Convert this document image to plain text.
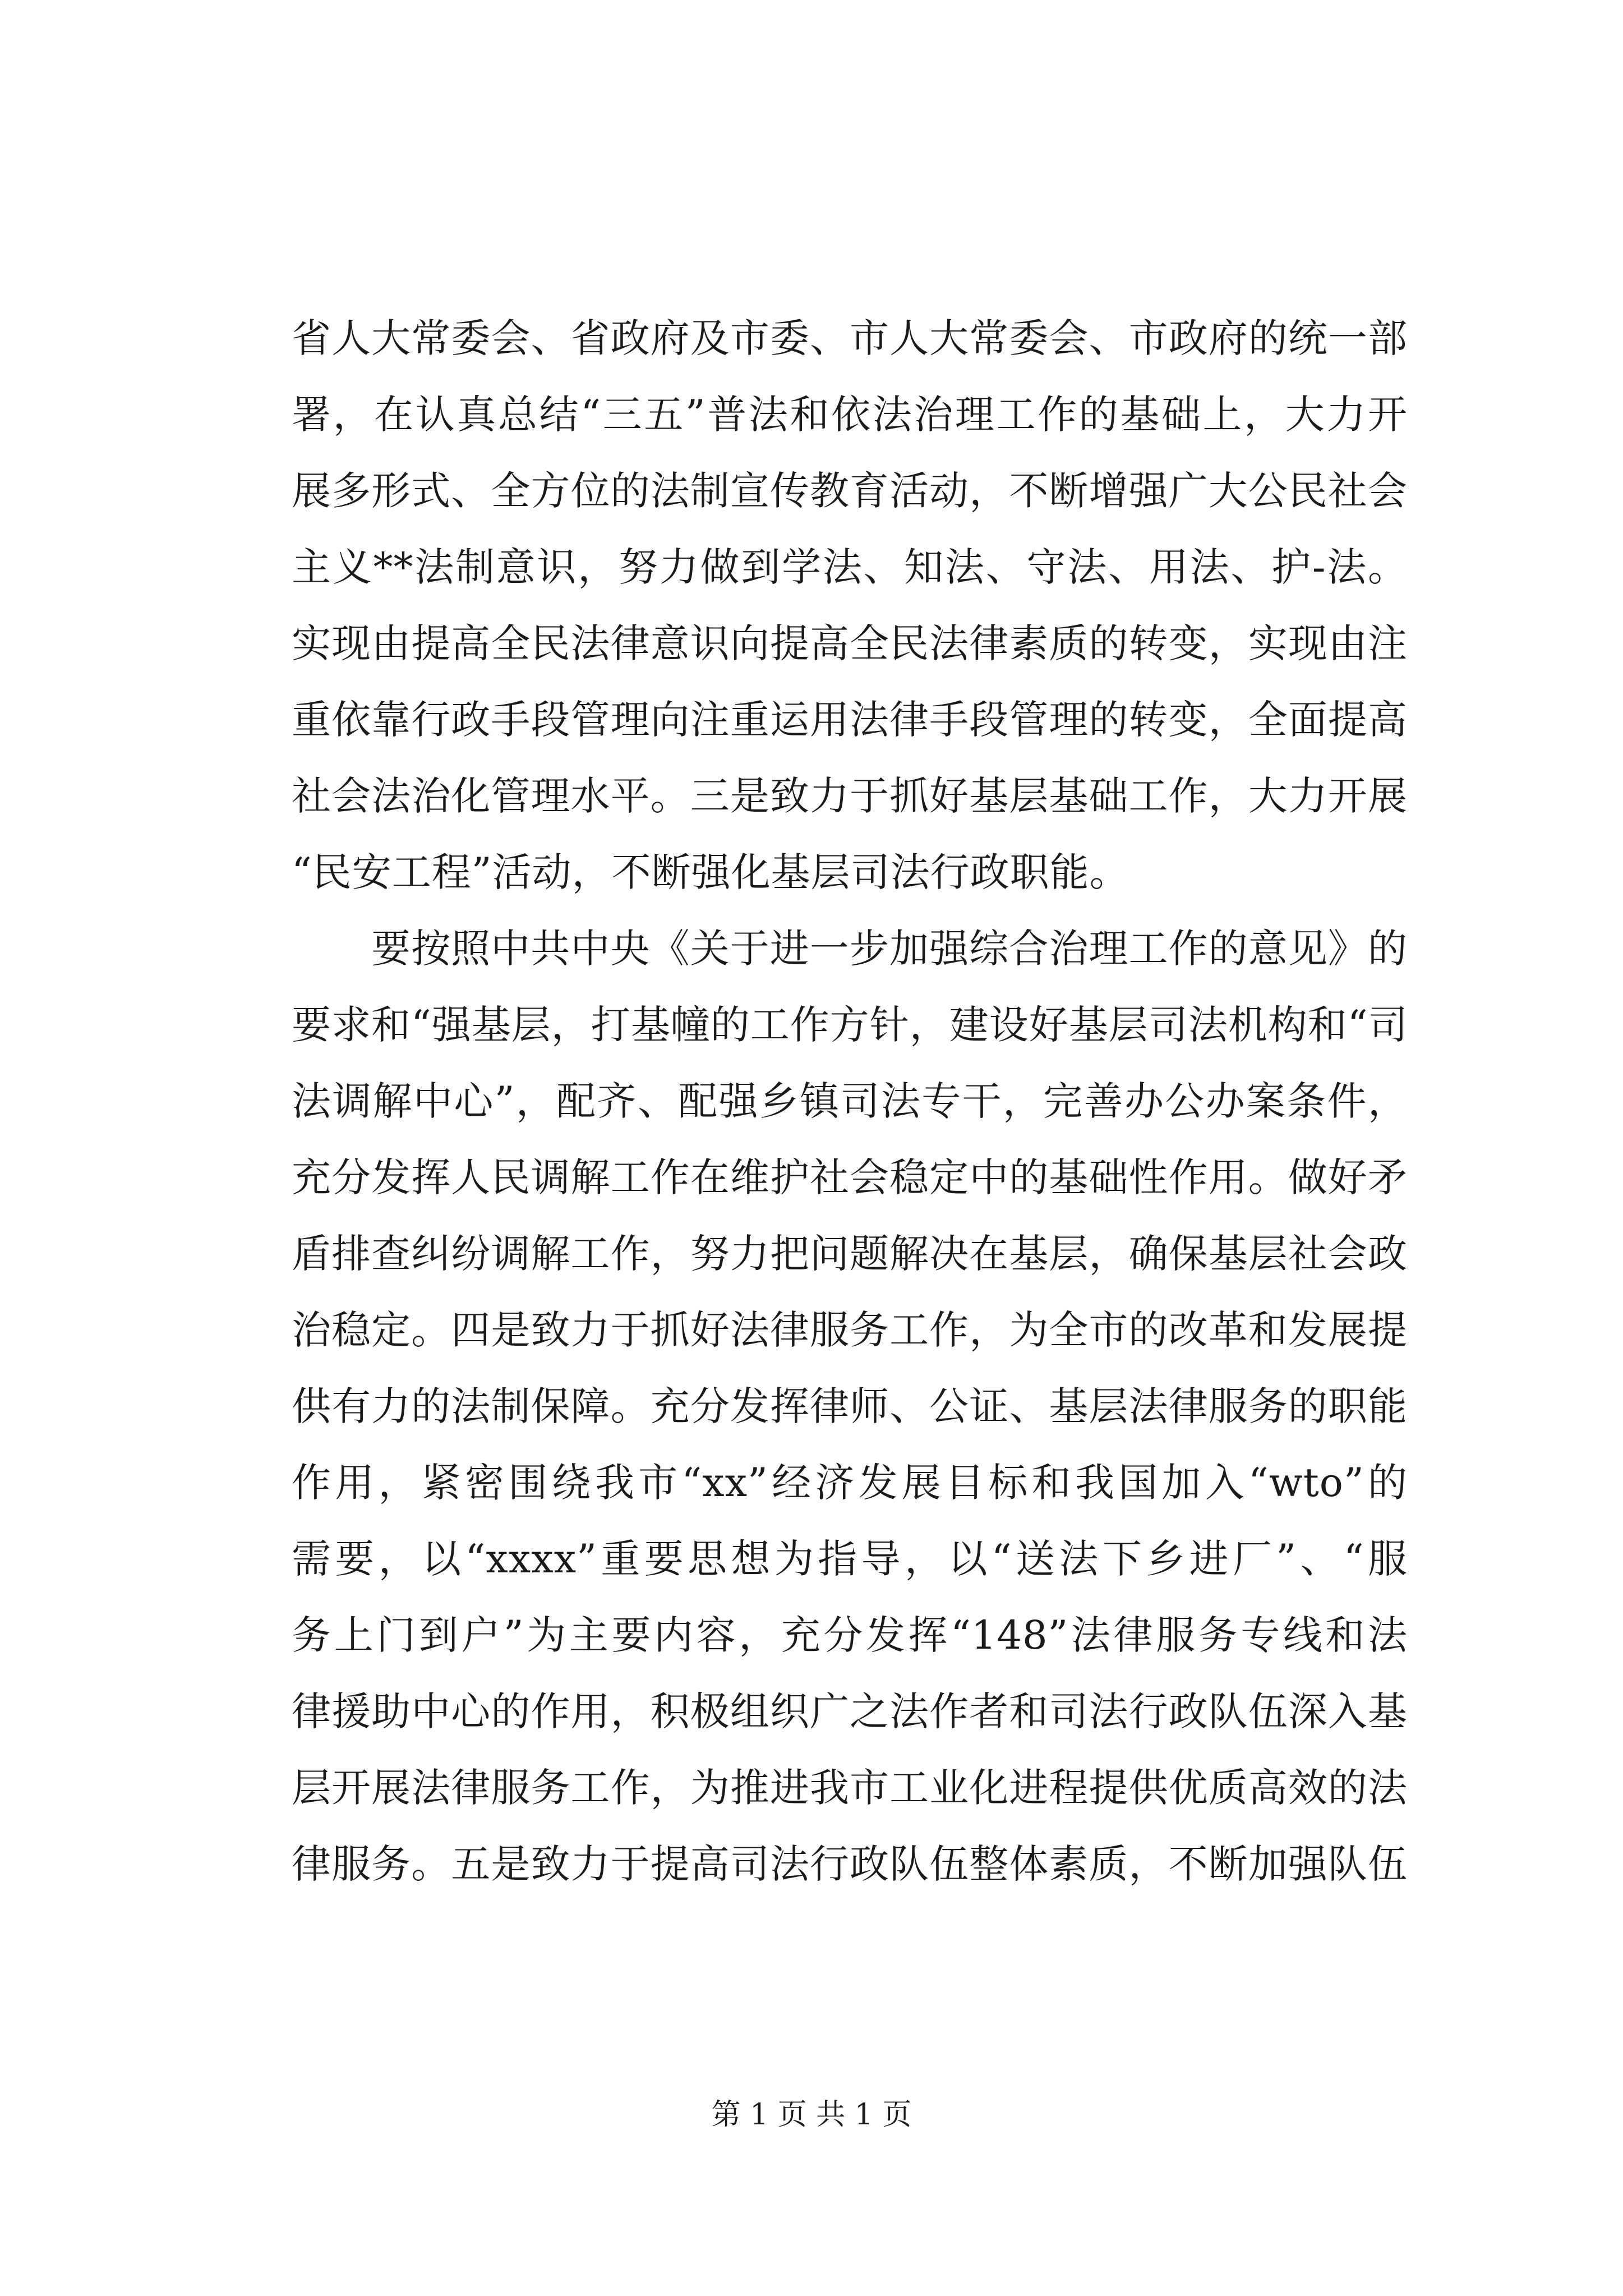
省人大常委会、省政府及市委、市人大常委会、市政府的统一部
署，在认真总结“三五”普法和依法治理工作的基础上，大力开
展多形式、全方位的法制宣传教育活动，不断增强广大公民社会
主义**法制意识，努力做到学法、知法、守法、用法、护-法。
实现由提高全民法律意识向提高全民法律素质的转变，实现由注
重依靠行政手段管理向注重运用法律手段管理的转变，全面提高
社会法治化管理水平。三是致力于抓好基层基础工作，大力开展
“民安工程”活动，不断强化基层司法行政职能。
要按照中共中央《关于进一步加强综合治理工作的意见》的
要求和“强基层，打基幢的工作方针，建设好基层司法机构和“司
法调解中心”，配齐、配强乡镇司法专干，完善办公办案条件，
充分发挥人民调解工作在维护社会稳定中的基础性作用。做好矛
盾排查纠纷调解工作，努力把问题解决在基层，确保基层社会政
治稳定。四是致力于抓好法律服务工作，为全市的改革和发展提
供有力的法制保障。充分发挥律师、公证、基层法律服务的职能
作用，紧密围绕我市“xx”经济发展目标和我国加入“wto”的
需要，以“xxxx”重要思想为指导，以“送法下乡进厂”、“服
务上门到户”为主要内容，充分发挥“148”法律服务专线和法
律援助中心的作用，积极组织广之法作者和司法行政队伍深入基
层开展法律服务工作，为推进我市工业化进程提供优质高效的法
律服务。五是致力于提高司法行政队伍整体素质，不断加强队伍
第 1 页 共 1 页
